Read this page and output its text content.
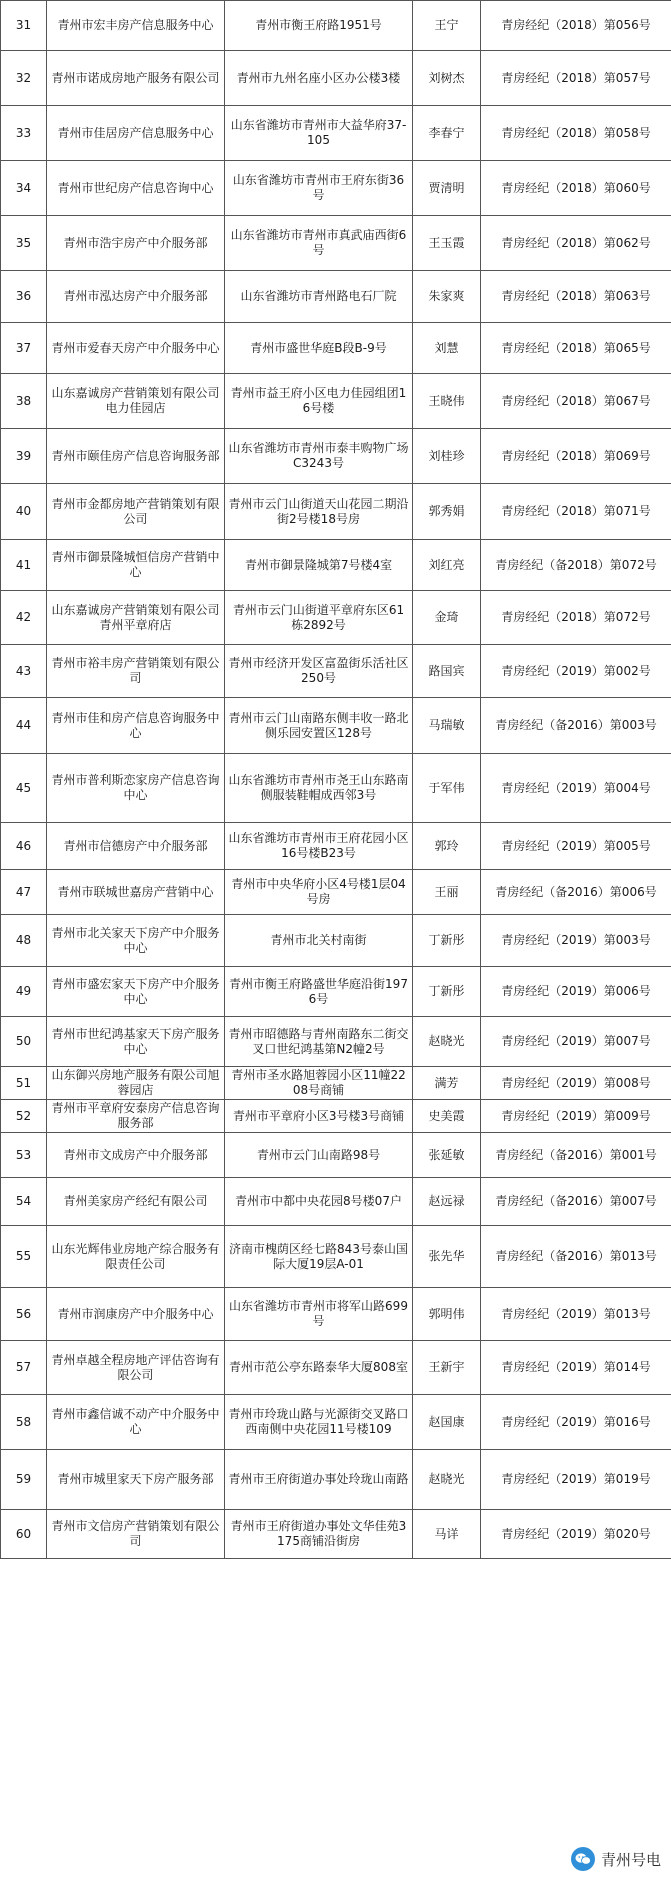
31	青州市宏丰房产信息服务中心	青州市衡王府路1951号	王宁	青房经纪（2018）第056号
32	青州市诺成房地产服务有限公司	青州市九州名座小区办公楼3楼	刘树杰	青房经纪（2018）第057号
33	青州市佳居房产信息服务中心	山东省潍坊市青州市大益华府37-105	李春宁	青房经纪（2018）第058号
34	青州市世纪房产信息咨询中心	山东省潍坊市青州市王府东街36号	贾清明	青房经纪（2018）第060号
35	青州市浩宇房产中介服务部	山东省潍坊市青州市真武庙西街6号	王玉霞	青房经纪（2018）第062号
36	青州市泓达房产中介服务部	山东省潍坊市青州路电石厂院	朱家爽	青房经纪（2018）第063号
37	青州市爱春天房产中介服务中心	青州市盛世华庭B段B-9号	刘慧	青房经纪（2018）第065号
38	山东嘉诚房产营销策划有限公司电力佳园店	青州市益王府小区电力佳园组团16号楼	王晓伟	青房经纪（2018）第067号
39	青州市颐佳房产信息咨询服务部	山东省潍坊市青州市泰丰购物广场C3243号	刘桂珍	青房经纪（2018）第069号
40	青州市金都房地产营销策划有限公司	青州市云门山街道天山花园二期沿街2号楼18号房	郭秀娟	青房经纪（2018）第071号
41	青州市御景隆城恒信房产营销中心	青州市御景隆城第7号楼4室	刘红亮	青房经纪（备2018）第072号
42	山东嘉诚房产营销策划有限公司青州平章府店	青州市云门山街道平章府东区61栋2892号	金琦	青房经纪（2018）第072号
43	青州市裕丰房产营销策划有限公司	青州市经济开发区富盈街乐活社区250号	路国宾	青房经纪（2019）第002号
44	青州市佳和房产信息咨询服务中心	青州市云门山南路东侧丰收一路北侧乐园安置区128号	马瑞敏	青房经纪（备2016）第003号
45	青州市普利斯恋家房产信息咨询中心	山东省潍坊市青州市尧王山东路南侧服装鞋帽成西邻3号	于军伟	青房经纪（2019）第004号
46	青州市信德房产中介服务部	山东省潍坊市青州市王府花园小区16号楼B23号	郭玲	青房经纪（2019）第005号
47	青州市联城世嘉房产营销中心	青州市中央华府小区4号楼1层04号房	王丽	青房经纪（备2016）第006号
48	青州市北关家天下房产中介服务中心	青州市北关村南街	丁新彤	青房经纪（2019）第003号
49	青州市盛宏家天下房产中介服务中心	青州市衡王府路盛世华庭沿街1976号	丁新彤	青房经纪（2019）第006号
50	青州市世纪鸿基家天下房产服务中心	青州市昭德路与青州南路东二街交叉口世纪鸿基第N2幢2号	赵晓光	青房经纪（2019）第007号
51	山东御兴房地产服务有限公司旭蓉园店	青州市圣水路旭蓉园小区11幢2208号商铺	满芳	青房经纪（2019）第008号
52	青州市平章府安泰房产信息咨询服务部	青州市平章府小区3号楼3号商铺	史美霞	青房经纪（2019）第009号
53	青州市文成房产中介服务部	青州市云门山南路98号	张延敏	青房经纪（备2016）第001号
54	青州美家房产经纪有限公司	青州市中都中央花园8号楼07户	赵远禄	青房经纪（备2016）第007号
55	山东光辉伟业房地产综合服务有限责任公司	济南市槐荫区经七路843号泰山国际大厦19层A-01	张先华	青房经纪（备2016）第013号
56	青州市润康房产中介服务中心	山东省潍坊市青州市将军山路699号	郭明伟	青房经纪（2019）第013号
57	青州卓越全程房地产评估咨询有限公司	青州市范公亭东路泰华大厦808室	王新宇	青房经纪（2019）第014号
58	青州市鑫信诚不动产中介服务中心	青州市玲珑山路与光源街交叉路口西南侧中央花园11号楼109	赵国康	青房经纪（2019）第016号
59	青州市城里家天下房产服务部	青州市王府街道办事处玲珑山南路	赵晓光	青房经纪（2019）第019号
60	青州市文信房产营销策划有限公司	青州市王府街道办事处文华佳苑3175商铺沿街房	马详	青房经纪（2019）第020号
青州号电
